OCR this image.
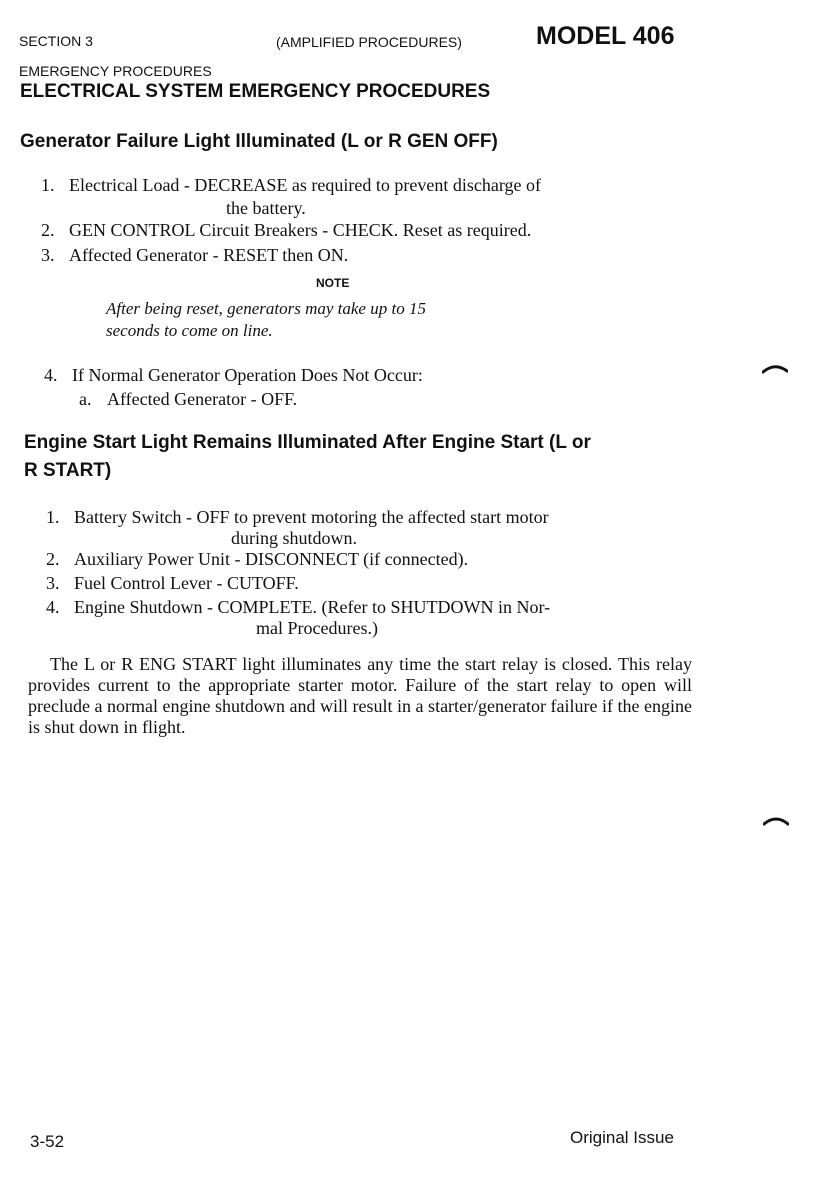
SECTION 3

EMERGENCY PROCEDURES

(AMPLIFIED PROCEDURES)	MODEL 406
ELECTRICAL SYSTEM EMERGENCY PROCEDURES
Generator Failure Light Illuminated (L or R GEN OFF)
1. Electrical Load - DECREASE as required to prevent discharge of
the battery.
2. GEN CONTROL Circuit Breakers - CHECK. Reset as required.
3. Affected Generator - RESET then ON.
NOTE
After being reset, generators may take up to 15
seconds to come on line.
4. If Normal Generator Operation Does Not Occur:
a. Affected Generator - OFF.
Engine Start Light Remains Illuminated After Engine Start (L or
R START)
1. Battery Switch - OFF to prevent motoring the affected start motor
during shutdown.
2. Auxiliary Power Unit - DISCONNECT (if connected).
3. Fuel Control Lever - CUTOFF.
4. Engine Shutdown - COMPLETE. (Refer to SHUTDOWN in Nor-
mal Procedures.)
The L or R ENG START light illuminates any time the start relay is closed. This relay provides current to the appropriate starter motor. Failure of the start relay to open will preclude a normal engine shutdown and will result in a starter/generator failure if the engine is shut down in flight.
3-52	Original Issue
